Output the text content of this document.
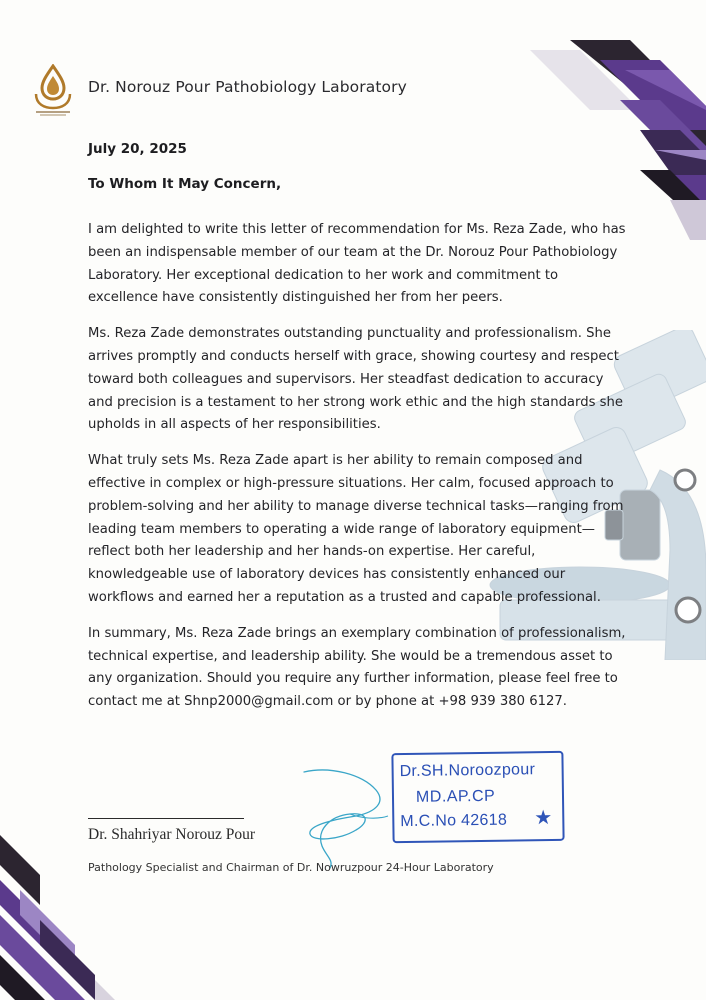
Dr. Norouz Pour Pathobiology Laboratory
July 20, 2025
To Whom It May Concern,

I am delighted to write this letter of recommendation for Ms. Reza Zade, who has been an indispensable member of our team at the Dr. Norouz Pour Pathobiology Laboratory. Her exceptional dedication to her work and commitment to excellence have consistently distinguished her from her peers.

Ms. Reza Zade demonstrates outstanding punctuality and professionalism. She arrives promptly and conducts herself with grace, showing courtesy and respect toward both colleagues and supervisors. Her steadfast dedication to accuracy and precision is a testament to her strong work ethic and the high standards she upholds in all aspects of her responsibilities.

What truly sets Ms. Reza Zade apart is her ability to remain composed and effective in complex or high-pressure situations. Her calm, focused approach to problem-solving and her ability to manage diverse technical tasks—ranging from leading team members to operating a wide range of laboratory equipment—reflect both her leadership and her hands-on expertise. Her careful, knowledgeable use of laboratory devices has consistently enhanced our workflows and earned her a reputation as a trusted and capable professional.

In summary, Ms. Reza Zade brings an exemplary combination of professionalism, technical expertise, and leadership ability. She would be a tremendous asset to any organization. Should you require any further information, please feel free to contact me at Shnp2000@gmail.com or by phone at +98 939 380 6127.

Dr. Shahriyar Norouz Pour
Pathology Specialist and Chairman of Dr. Nowruzpour 24-Hour Laboratory
Dr.SH.Noroozpour
MD.AP.CP
M.C.No 42618 ★
